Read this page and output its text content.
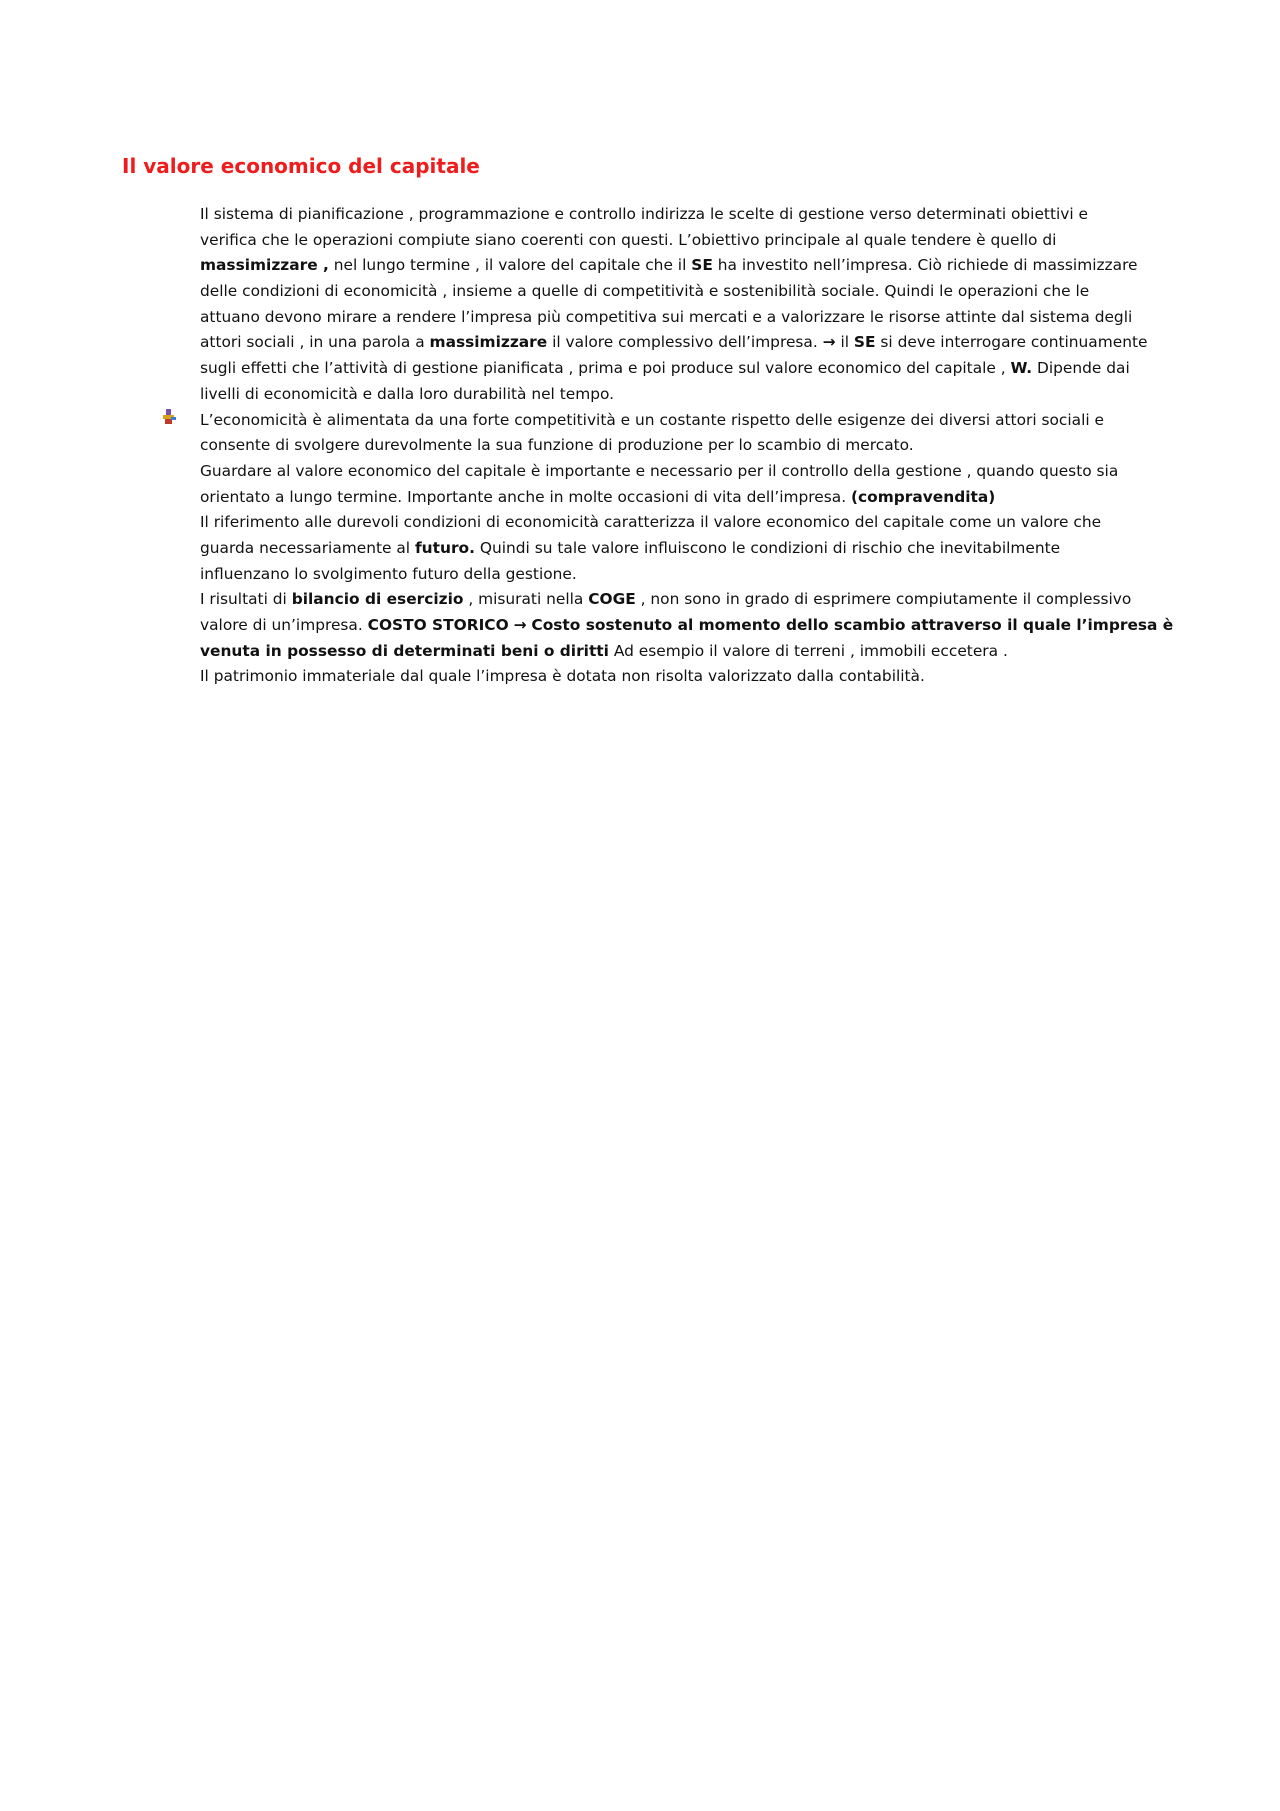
Il valore economico del capitale
Il sistema di pianificazione , programmazione e controllo indirizza le scelte di gestione verso determinati obiettivi e
verifica che le operazioni compiute siano coerenti con questi. L’obiettivo principale al quale tendere è quello di
massimizzare , nel lungo termine , il valore del capitale che il SE ha investito nell’impresa. Ciò richiede di massimizzare
delle condizioni di economicità , insieme a quelle di competitività e sostenibilità sociale. Quindi le operazioni che le
attuano devono mirare a rendere l’impresa più competitiva sui mercati e a valorizzare le risorse attinte dal sistema degli
attori sociali , in una parola a massimizzare il valore complessivo dell’impresa. → il SE si deve interrogare continuamente
sugli effetti che l’attività di gestione pianificata , prima e poi produce sul valore economico del capitale , W. Dipende dai
livelli di economicità e dalla loro durabilità nel tempo.
L’economicità è alimentata da una forte competitività e un costante rispetto delle esigenze dei diversi attori sociali e
consente di svolgere durevolmente la sua funzione di produzione per lo scambio di mercato.
Guardare al valore economico del capitale è importante e necessario per il controllo della gestione , quando questo sia
orientato a lungo termine. Importante anche in molte occasioni di vita dell’impresa. (compravendita)
Il riferimento alle durevoli condizioni di economicità caratterizza il valore economico del capitale come un valore che
guarda necessariamente al futuro. Quindi su tale valore influiscono le condizioni di rischio che inevitabilmente
influenzano lo svolgimento futuro della gestione.
I risultati di bilancio di esercizio , misurati nella COGE , non sono in grado di esprimere compiutamente il complessivo
valore di un’impresa. COSTO STORICO → Costo sostenuto al momento dello scambio attraverso il quale l’impresa è
venuta in possesso di determinati beni o diritti Ad esempio il valore di terreni , immobili eccetera .
Il patrimonio immateriale dal quale l’impresa è dotata non risolta valorizzato dalla contabilità.
